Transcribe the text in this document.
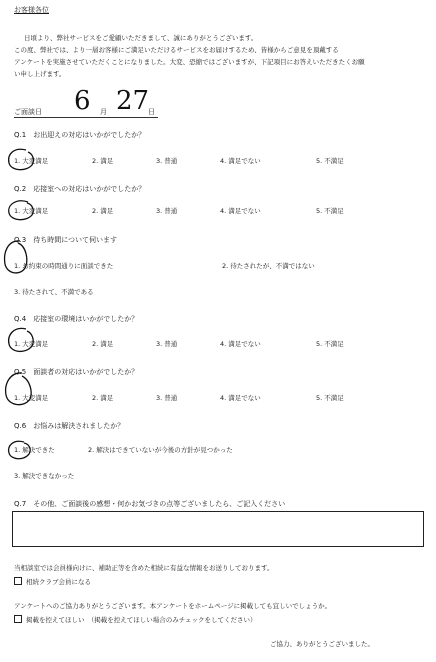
お客様各位
日頃より、弊社サービスをご愛顧いただきまして、誠にありがとうございます。
この度、弊社では、より一層お客様にご満足いただけるサービスをお届けするため、皆様からご意見を頂戴する
アンケートを実施させていただくことになりました。大変、恐縮ではございますが、下記項目にお答えいただきたくお願
い申し上げます。
ご面談日 6 月 27
日
Q.1　お出迎えの対応はいかがでしたか？
1. 大変満足	2. 満足	3. 普通	4. 満足でない	5. 不満足
Q.2　応接室への対応はいかがでしたか？
1. 大変満足	2. 満足	3. 普通	4. 満足でない	5. 不満足
Q.3　待ち時間について伺います
1. お約束の時間通りに面談できた	2. 待たされたが、不満ではない
3. 待たされて、不満である
Q.4　応接室の環境はいかがでしたか？
1. 大変満足	2. 満足	3. 普通	4. 満足でない	5. 不満足
Q.5　面談者の対応はいかがでしたか？
1. 大変満足	2. 満足	3. 普通	4. 満足でない	5. 不満足
Q.6　お悩みは解決されましたか？
1. 解決できた	2. 解決はできていないが今後の方針が見つかった
3. 解決できなかった
Q.7　その他、ご面談後の感想・何かお気づきの点等ございましたら、ご記入ください
当相談室では会員様向けに、補助正等を含めた相続に有益な情報をお送りしております。
相続クラブ会員になる
アンケートへのご協力ありがとうございます。本アンケートをホームページに掲載しても宜しいでしょうか。
掲載を控えてほしい　（掲載を控えてほしい場合のみチェックをしてください）
ご協力、ありがとうございました。
